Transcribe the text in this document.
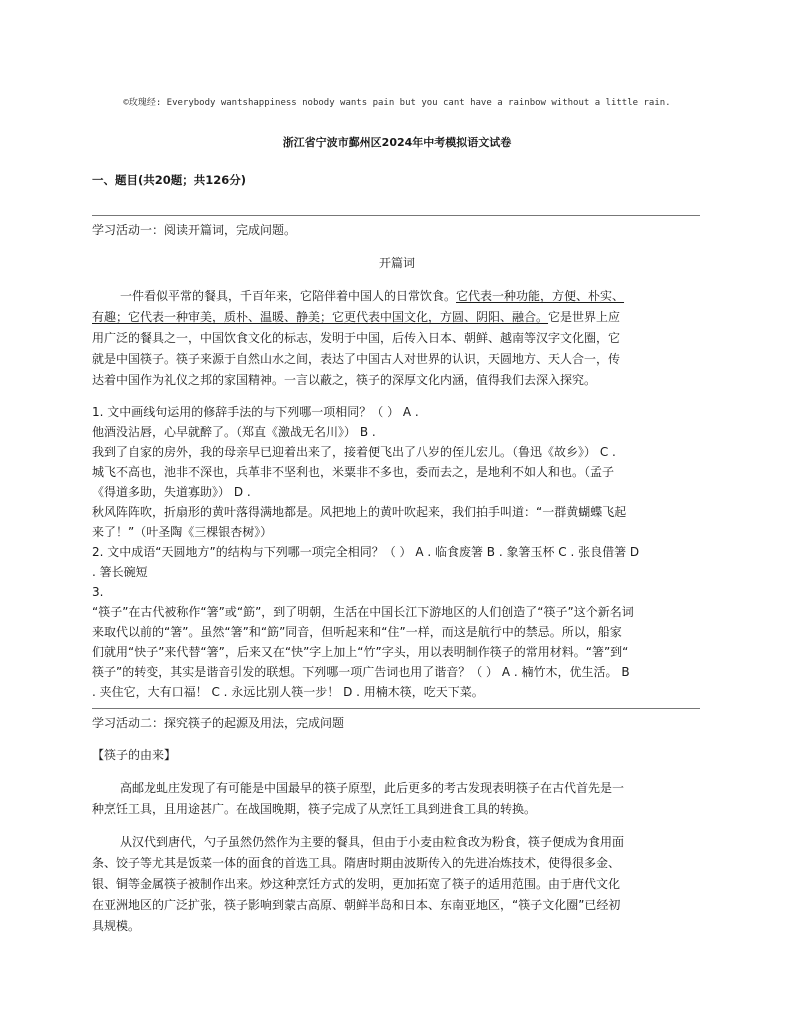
©玫瑰经: Everybody wantshappiness nobody wants pain but you cant have a rainbow without a little rain.
浙江省宁波市鄞州区2024年中考模拟语文试卷
一、题目(共20题；共126分)
学习活动一：阅读开篇词，完成问题。
开篇词
一件看似平常的餐具，千百年来，它陪伴着中国人的日常饮食。它代表一种功能，方便、朴实、
有趣；它代表一种审美，质朴、温暖、静美；它更代表中国文化，方圆、阴阳、融合。它是世界上应
用广泛的餐具之一，中国饮食文化的标志，发明于中国，后传入日本、朝鲜、越南等汉字文化圈，它
就是中国筷子。筷子来源于自然山水之间，表达了中国古人对世界的认识，天圆地方、天人合一，传
达着中国作为礼仪之邦的家国精神。一言以蔽之，筷子的深厚文化内涵，值得我们去深入探究。
1. 文中画线句运用的修辞手法的与下列哪一项相同？（ ） A .
他酒没沾唇，心早就醉了。（郑直《激战无名川》） B .
我到了自家的房外，我的母亲早已迎着出来了，接着便飞出了八岁的侄儿宏儿。（鲁迅《故乡》） C .
城飞不高也，池非不深也，兵革非不坚利也，米粟非不多也，委而去之，是地利不如人和也。（孟子
《得道多助，失道寡助》） D .
秋风阵阵吹，折扇形的黄叶落得满地都是。风把地上的黄叶吹起来，我们拍手叫道：“一群黄蝴蝶飞起
来了！”（叶圣陶《三棵银杏树》）
2. 文中成语“天圆地方”的结构与下列哪一项完全相同？（ ） A . 临食废箸 B . 象箸玉杯 C . 张良借箸 D
. 箸长碗短
3.
“筷子”在古代被称作“箸”或“筯”，到了明朝，生活在中国长江下游地区的人们创造了“筷子”这个新名词
来取代以前的“箸”。虽然“箸”和“筯”同音，但听起来和“住”一样，而这是航行中的禁忌。所以，船家
们就用“快子”来代替“箸”，后来又在“快”字上加上“竹”字头，用以表明制作筷子的常用材料。“箸”到“
筷子”的转变，其实是谐音引发的联想。下列哪一项广告词也用了谐音？（ ） A . 楠竹木，优生活。 B
. 夹住它，大有口福！ C . 永远比别人筷一步！ D . 用楠木筷，吃天下菜。
学习活动二：探究筷子的起源及用法，完成问题
【筷子的由来】
高邮龙虬庄发现了有可能是中国最早的筷子原型，此后更多的考古发现表明筷子在古代首先是一
种烹饪工具，且用途甚广。在战国晚期，筷子完成了从烹饪工具到进食工具的转换。
从汉代到唐代，勺子虽然仍然作为主要的餐具，但由于小麦由粒食改为粉食，筷子便成为食用面
条、饺子等尤其是饭菜一体的面食的首选工具。隋唐时期由波斯传入的先进冶炼技术，使得很多金、
银、铜等金属筷子被制作出来。炒这种烹饪方式的发明，更加拓宽了筷子的适用范围。由于唐代文化
在亚洲地区的广泛扩张，筷子影响到蒙古高原、朝鲜半岛和日本、东南亚地区，“筷子文化圈”已经初
具规模。
